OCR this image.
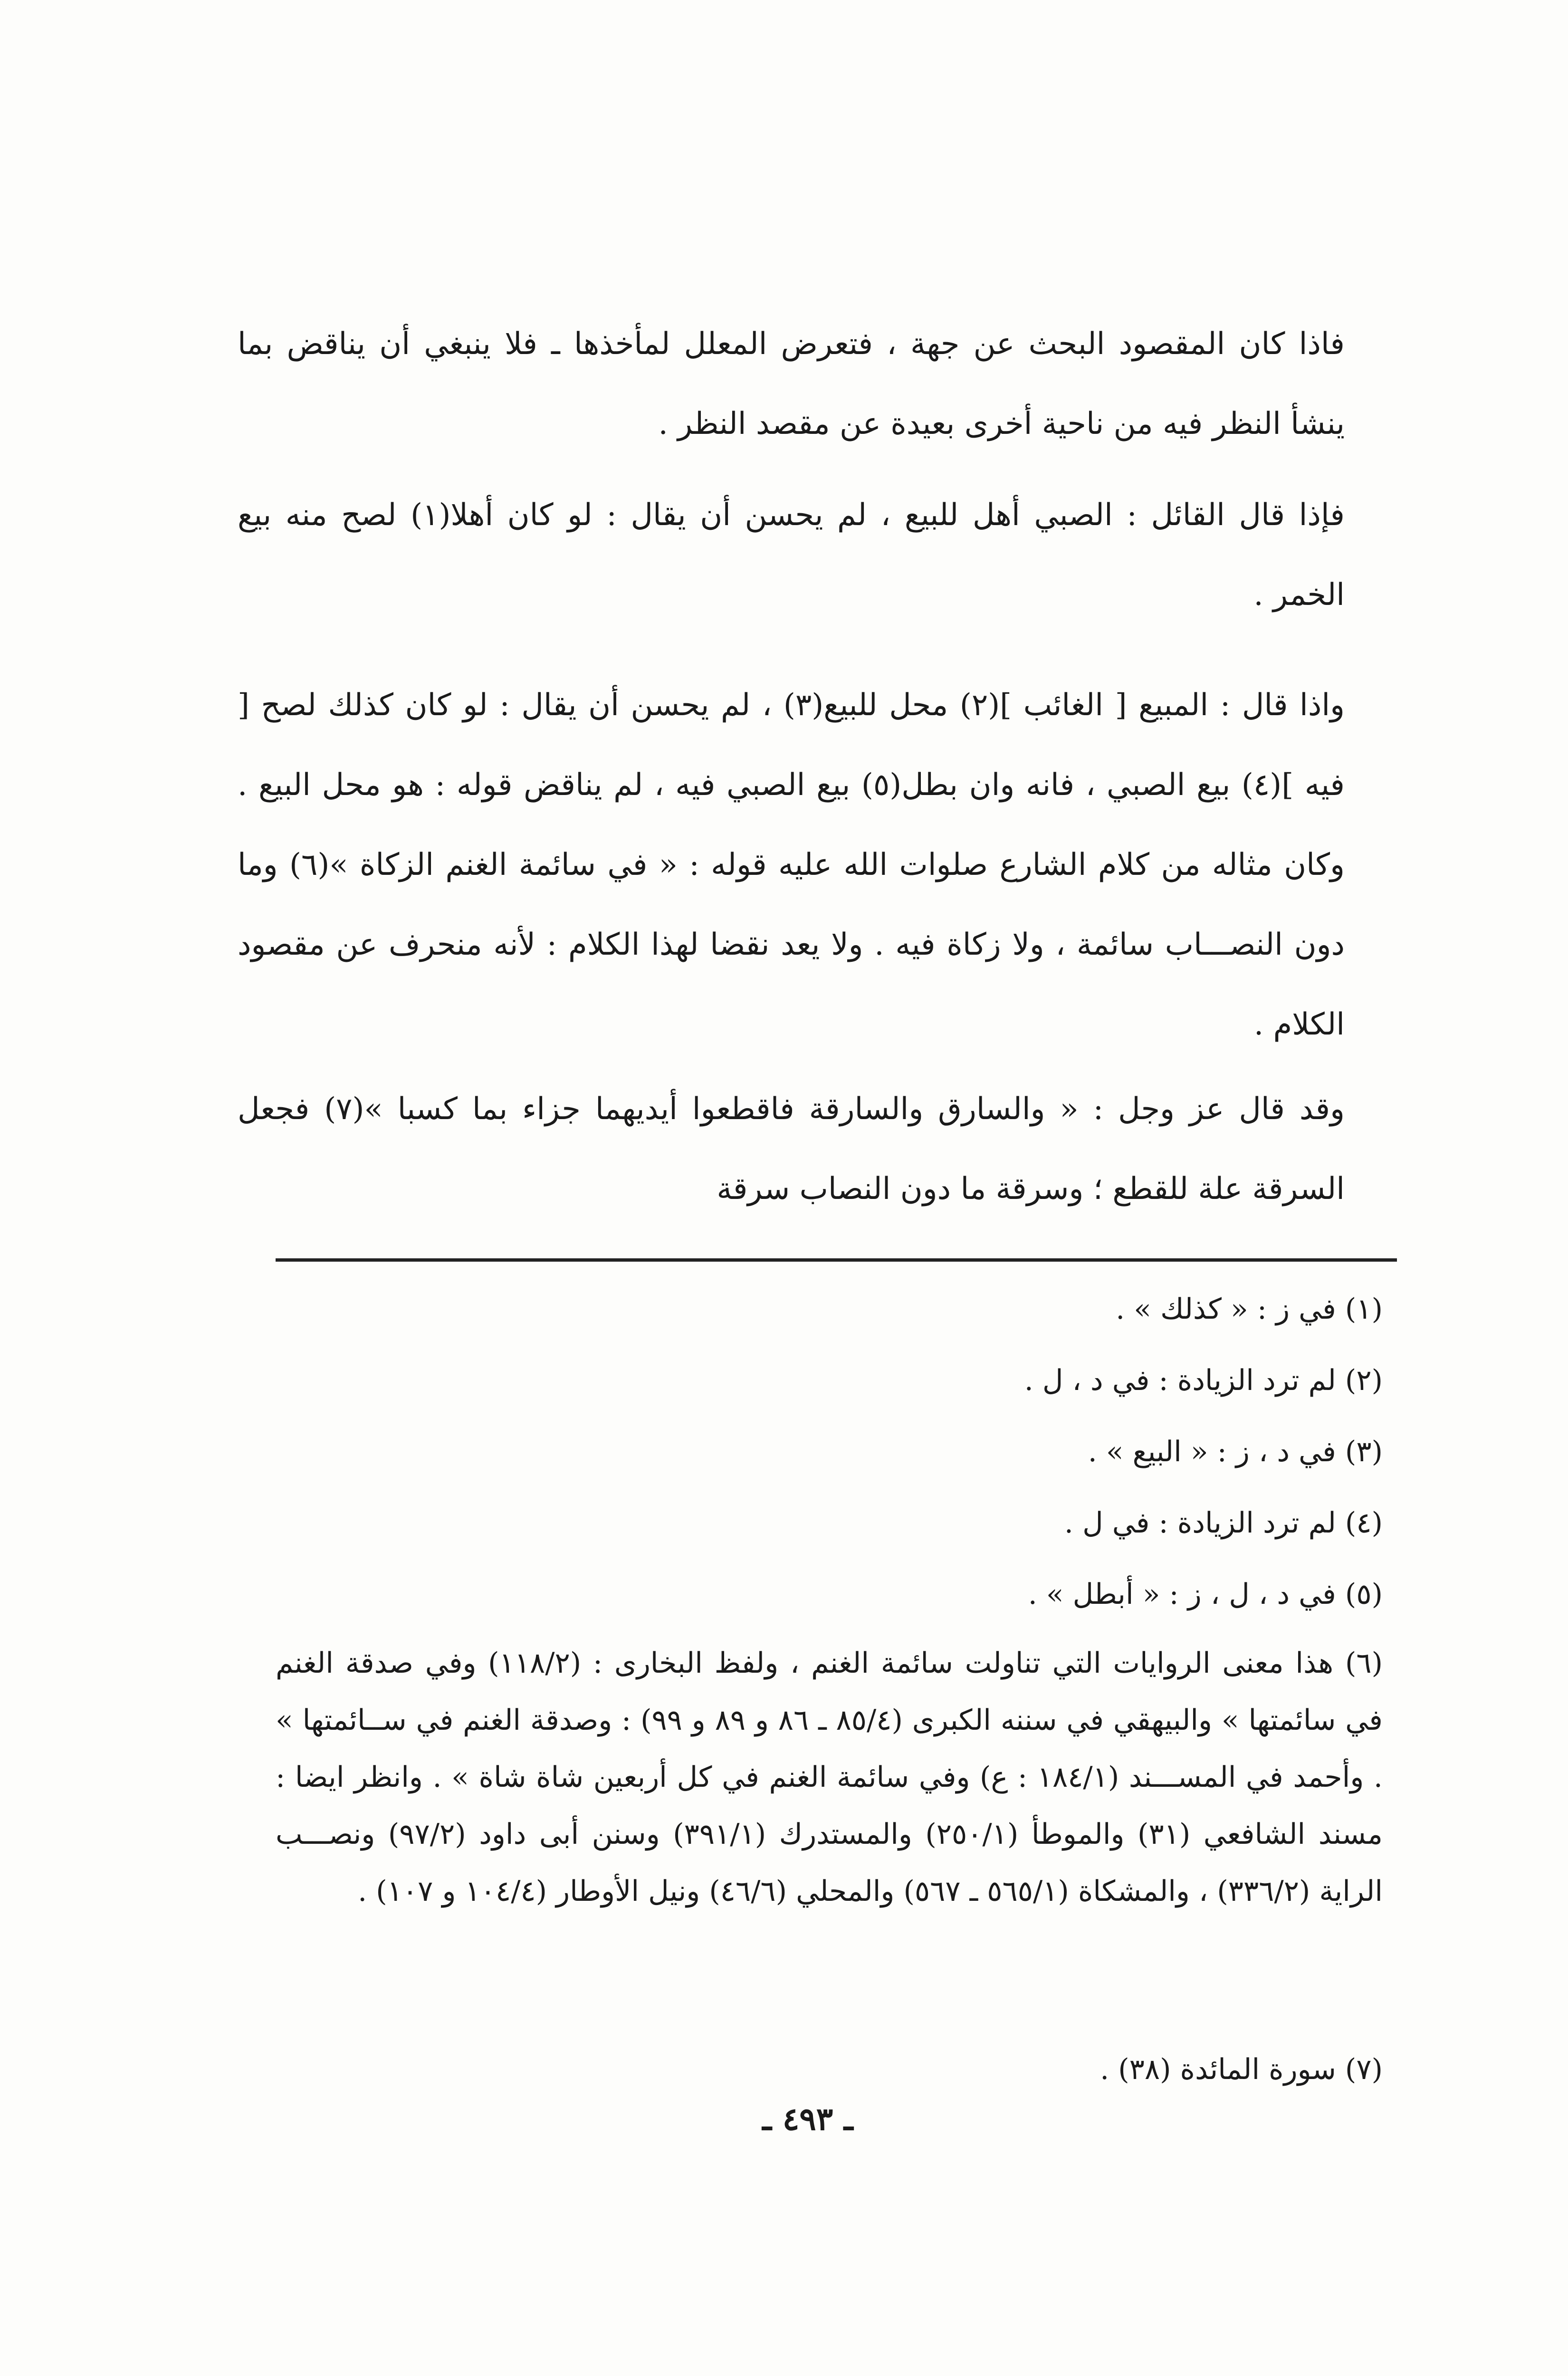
فاذا كان المقصود البحث عن جهة ، فتعرض المعلل لمأخذها ـ فلا ينبغي أن يناقض بما ينشأ النظر فيه من ناحية أخرى بعيدة عن مقصد النظر .

فإذا قال القائل : الصبي أهل للبيع ، لم يحسن أن يقال : لو كان أهلا(١) لصح منه بيع الخمر .

واذا قال : المبيع [ الغائب ](٢) محل للبيع(٣) ، لم يحسن أن يقال : لو كان كذلك لصح [ فيه ](٤) بيع الصبي ، فانه وان بطل(٥) بيع الصبي فيه ، لم يناقض قوله : هو محل البيع . وكان مثاله من كلام الشارع صلوات الله عليه قوله : « في سائمة الغنم الزكاة »(٦) وما دون النصـــاب سائمة ، ولا زكاة فيه . ولا يعد نقضا لهذا الكلام : لأنه منحرف عن مقصود الكلام .

وقد قال عز وجل : « والسارق والسارقة فاقطعوا أيديهما جزاء بما كسبا »(٧) فجعل السرقة علة للقطع ؛ وسرقة ما دون النصاب سرقة

(١) في ز : « كذلك » .

(٢) لم ترد الزيادة : في د ، ل .

(٣) في د ، ز : « البيع » .

(٤) لم ترد الزيادة : في ل .

(٥) في د ، ل ، ز : « أبطل » .

(٦) هذا معنى الروايات التي تناولت سائمة الغنم ، ولفظ البخارى : (١١٨/٢) وفي صدقة الغنم في سائمتها » والبيهقي في سننه الكبرى (٨٥/٤ ـ ٨٦ و ٨٩ و ٩٩) : وصدقة الغنم في ســائمتها » . وأحمد في المســـند (١٨٤/١ : ع) وفي سائمة الغنم في كل أربعين شاة شاة » . وانظر ايضا : مسند الشافعي (٣١) والموطأ (٢٥٠/١) والمستدرك (٣٩١/١) وسنن أبى داود (٩٧/٢) ونصـــب الراية (٣٣٦/٢) ، والمشكاة (٥٦٥/١ ـ ٥٦٧) والمحلي (٤٦/٦) ونيل الأوطار (١٠٤/٤ و ١٠٧) .

(٧) سورة المائدة (٣٨) .

ـ ٤٩٣ ـ
